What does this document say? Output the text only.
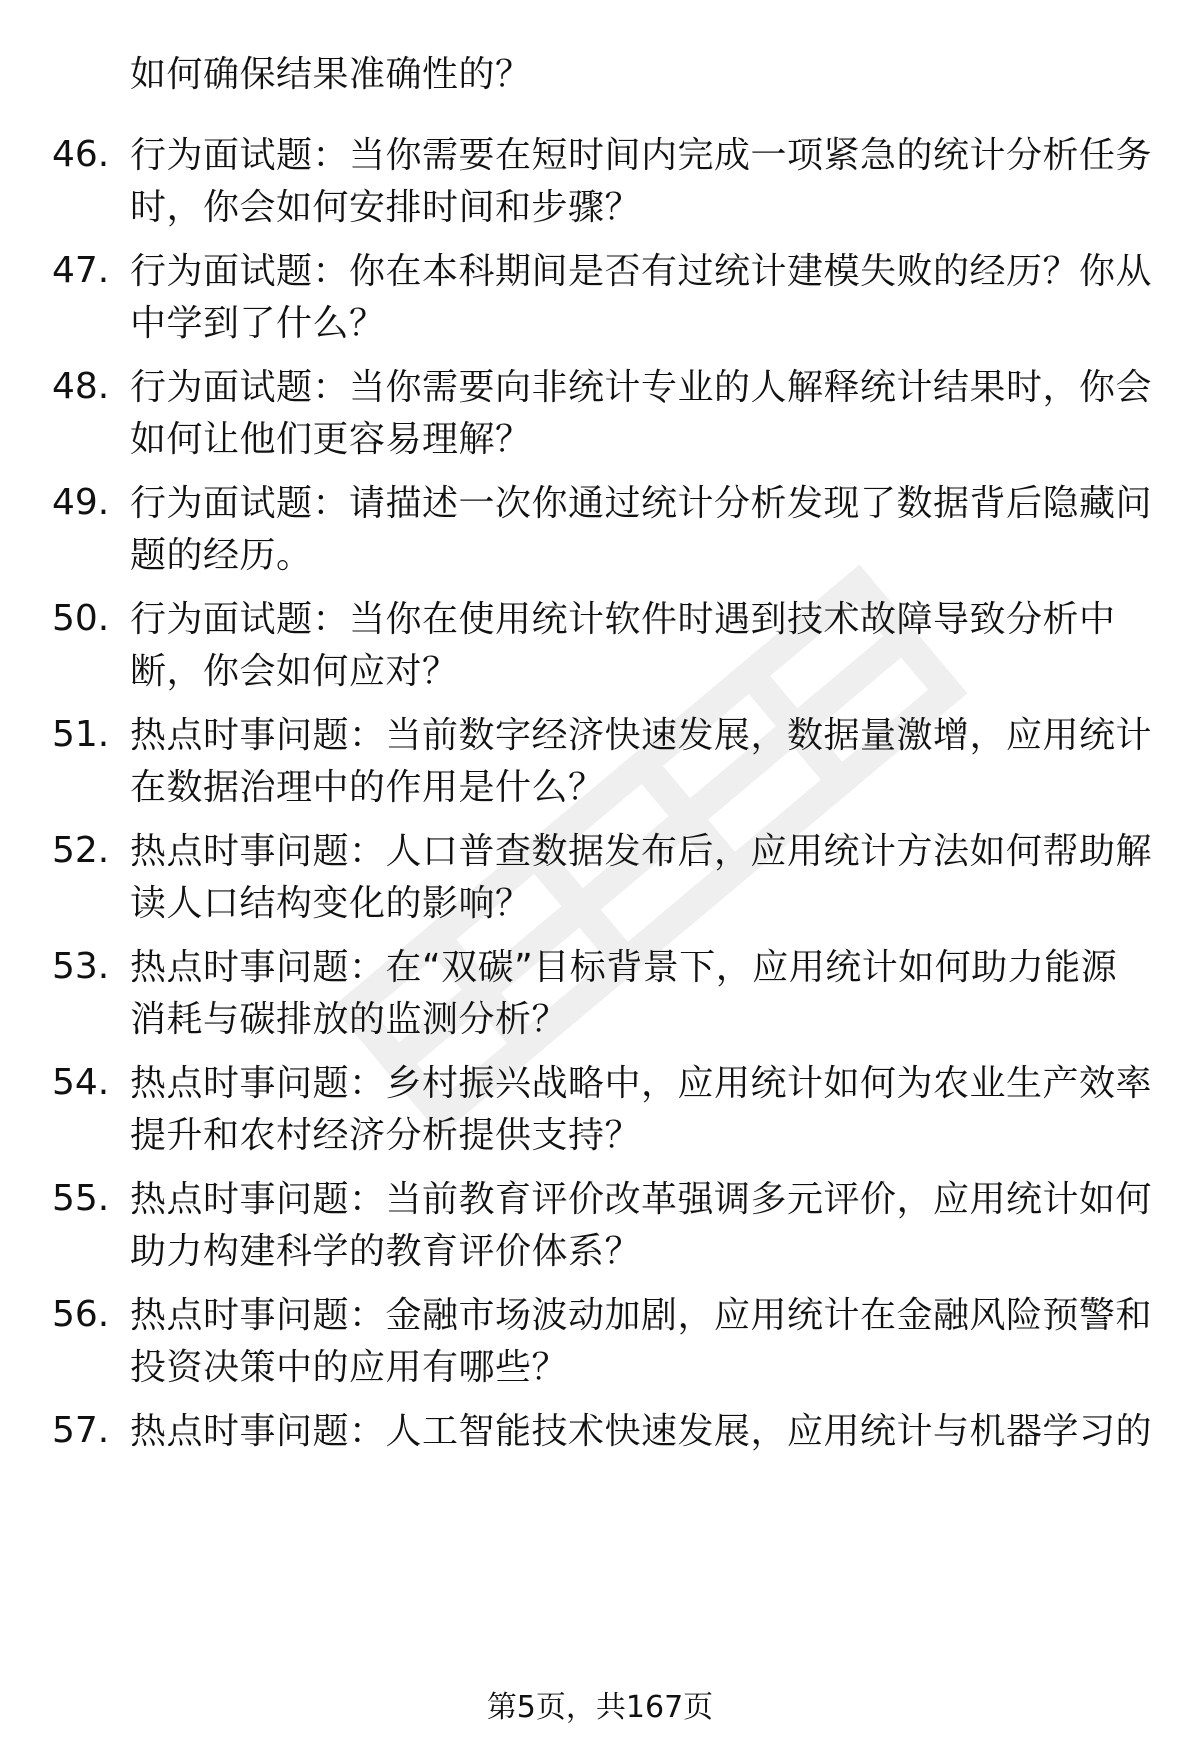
如何确保结果准确性的？
46. 行为面试题：当你需要在短时间内完成一项紧急的统计分析任务
时，你会如何安排时间和步骤？
47. 行为面试题：你在本科期间是否有过统计建模失败的经历？你从
中学到了什么？
48. 行为面试题：当你需要向非统计专业的人解释统计结果时，你会
如何让他们更容易理解？
49. 行为面试题：请描述一次你通过统计分析发现了数据背后隐藏问
题的经历。
50. 行为面试题：当你在使用统计软件时遇到技术故障导致分析中
断，你会如何应对？
51. 热点时事问题：当前数字经济快速发展，数据量激增，应用统计
在数据治理中的作用是什么？
52. 热点时事问题：人口普查数据发布后，应用统计方法如何帮助解
读人口结构变化的影响？
53. 热点时事问题：在“双碳”目标背景下，应用统计如何助力能源
消耗与碳排放的监测分析？
54. 热点时事问题：乡村振兴战略中，应用统计如何为农业生产效率
提升和农村经济分析提供支持？
55. 热点时事问题：当前教育评价改革强调多元评价，应用统计如何
助力构建科学的教育评价体系？
56. 热点时事问题：金融市场波动加剧，应用统计在金融风险预警和
投资决策中的应用有哪些？
57. 热点时事问题：人工智能技术快速发展，应用统计与机器学习的
第5页，共167页
